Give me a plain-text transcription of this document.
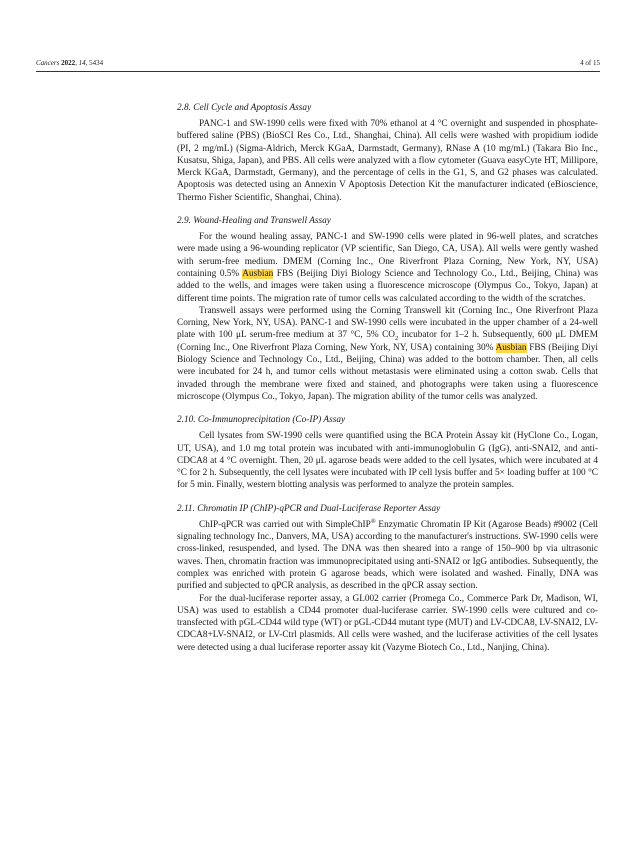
Cancers 2022, 14, 5434	4 of 15
2.8. Cell Cycle and Apoptosis Assay

PANC-1 and SW-1990 cells were fixed with 70% ethanol at 4 °C overnight and suspended in phosphate-buffered saline (PBS) (BioSCI Res Co., Ltd., Shanghai, China). All cells were washed with propidium iodide (PI, 2 mg/mL) (Sigma-Aldrich, Merck KGaA, Darmstadt, Germany), RNase A (10 mg/mL) (Takara Bio Inc., Kusatsu, Shiga, Japan), and PBS. All cells were analyzed with a flow cytometer (Guava easyCyte HT, Millipore, Merck KGaA, Darmstadt, Germany), and the percentage of cells in the G1, S, and G2 phases was calculated. Apoptosis was detected using an Annexin V Apoptosis Detection Kit the manufacturer indicated (eBioscience, Thermo Fisher Scientific, Shanghai, China).

2.9. Wound-Healing and Transwell Assay

For the wound healing assay, PANC-1 and SW-1990 cells were plated in 96-well plates, and scratches were made using a 96-wounding replicator (VP scientific, San Diego, CA, USA). All wells were gently washed with serum-free medium. DMEM (Corning Inc., One Riverfront Plaza Corning, New York, NY, USA) containing 0.5% Ausbian FBS (Beijing Diyi Biology Science and Technology Co., Ltd., Beijing, China) was added to the wells, and images were taken using a fluorescence microscope (Olympus Co., Tokyo, Japan) at different time points. The migration rate of tumor cells was calculated according to the width of the scratches.

Transwell assays were performed using the Corning Transwell kit (Corning Inc., One Riverfront Plaza Corning, New York, NY, USA). PANC-1 and SW-1990 cells were incubated in the upper chamber of a 24-well plate with 100 μL serum-free medium at 37 °C, 5% $CO_2$ incubator for 1–2 h. Subsequently, 600 μL DMEM (Corning Inc., One Riverfront Plaza Corning, New York, NY, USA) containing 30% Ausbian FBS (Beijing Diyi Biology Science and Technology Co., Ltd., Beijing, China) was added to the bottom chamber. Then, all cells were incubated for 24 h, and tumor cells without metastasis were eliminated using a cotton swab. Cells that invaded through the membrane were fixed and stained, and photographs were taken using a fluorescence microscope (Olympus Co., Tokyo, Japan). The migration ability of the tumor cells was analyzed.

2.10. Co-Immunoprecipitation (Co-IP) Assay

Cell lysates from SW-1990 cells were quantified using the BCA Protein Assay kit (HyClone Co., Logan, UT, USA), and 1.0 mg total protein was incubated with anti-immunoglobulin G (IgG), anti-SNAI2, and anti-CDCA8 at 4 °C overnight. Then, 20 μL agarose beads were added to the cell lysates, which were incubated at 4 °C for 2 h. Subsequently, the cell lysates were incubated with IP cell lysis buffer and 5× loading buffer at 100 °C for 5 min. Finally, western blotting analysis was performed to analyze the protein samples.

2.11. Chromatin IP (ChIP)-qPCR and Dual-Luciferase Reporter Assay

ChIP-qPCR was carried out with SimpleChIP® Enzymatic Chromatin IP Kit (Agarose Beads) #9002 (Cell signaling technology Inc., Danvers, MA, USA) according to the manufacturer's instructions. SW-1990 cells were cross-linked, resuspended, and lysed. The DNA was then sheared into a range of 150–900 bp via ultrasonic waves. Then, chromatin fraction was immunoprecipitated using anti-SNAI2 or IgG antibodies. Subsequently, the complex was enriched with protein G agarose beads, which were isolated and washed. Finally, DNA was purified and subjected to qPCR analysis, as described in the qPCR assay section.

For the dual-luciferase reporter assay, a GL002 carrier (Promega Co., Commerce Park Dr, Madison, WI, USA) was used to establish a CD44 promoter dual-luciferase carrier. SW-1990 cells were cultured and co-transfected with pGL-CD44 wild type (WT) or pGL-CD44 mutant type (MUT) and LV-CDCA8, LV-SNAI2, LV-CDCA8+LV-SNAI2, or LV-Ctrl plasmids. All cells were washed, and the luciferase activities of the cell lysates were detected using a dual luciferase reporter assay kit (Vazyme Biotech Co., Ltd., Nanjing, China).
